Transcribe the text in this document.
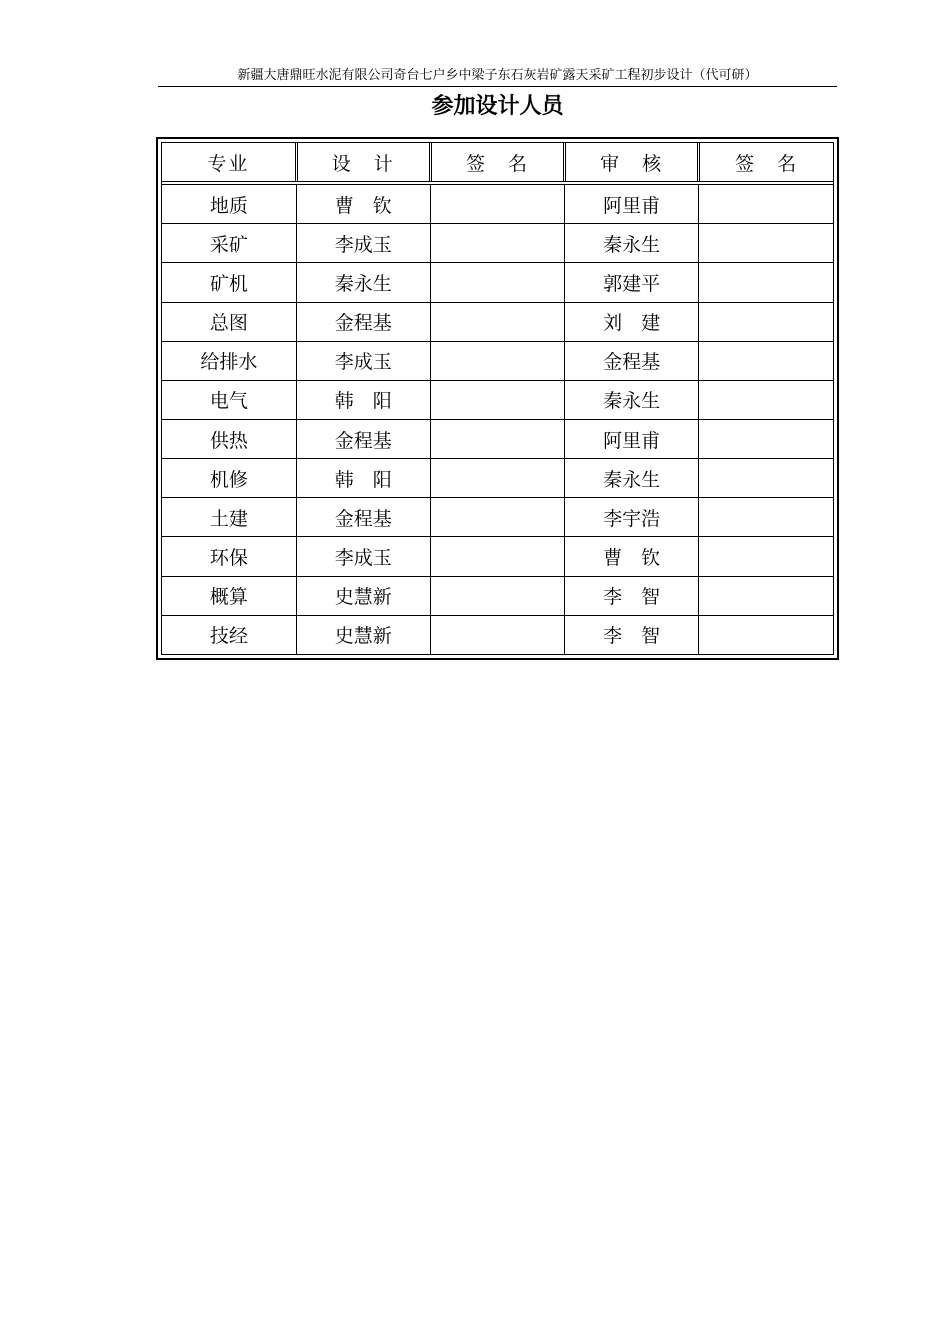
新疆大唐鼎旺水泥有限公司奇台七户乡中梁子东石灰岩矿露天采矿工程初步设计（代可研）
参加设计人员
专业	设　计	签　名	审　核	签　名
地质	曹　钦		阿里甫	
采矿	李成玉		秦永生	
矿机	秦永生		郭建平	
总图	金程基		刘　建	
给排水	李成玉		金程基	
电气	韩　阳		秦永生	
供热	金程基		阿里甫	
机修	韩　阳		秦永生	
土建	金程基		李宇浩	
环保	李成玉		曹　钦	
概算	史慧新		李　智	
技经	史慧新		李　智	
